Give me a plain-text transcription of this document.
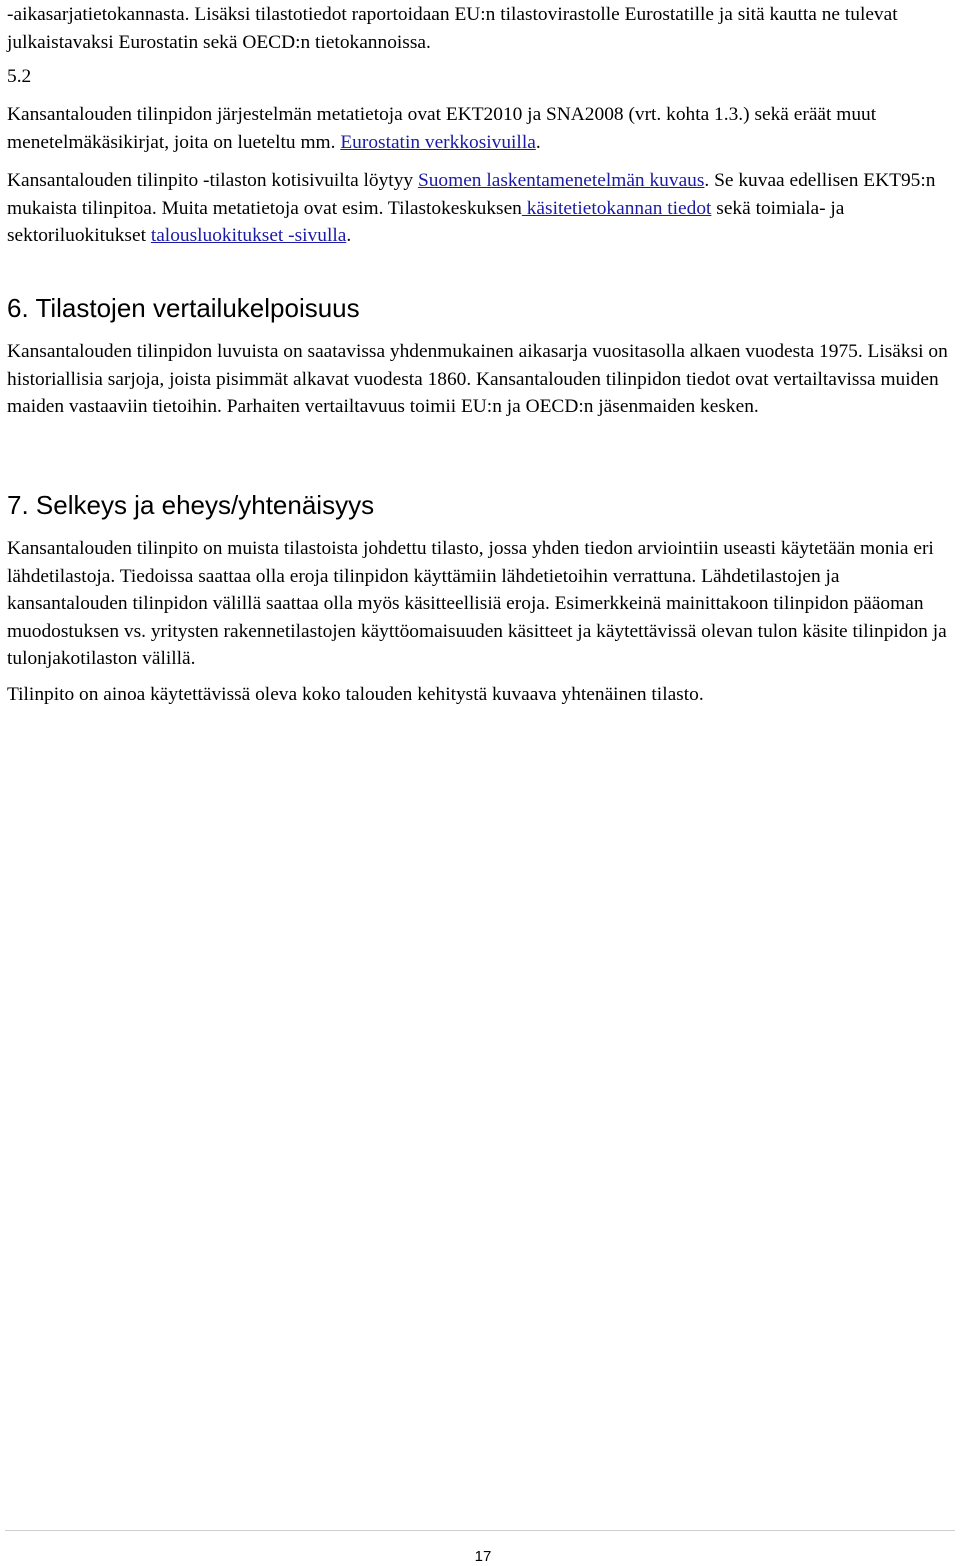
-aikasarjatietokannasta. Lisäksi tilastotiedot raportoidaan EU:n tilastovirastolle Eurostatille ja sitä kautta ne tulevat julkaistavaksi Eurostatin sekä OECD:n tietokannoissa.

5.2

Kansantalouden tilinpidon järjestelmän metatietoja ovat EKT2010 ja SNA2008 (vrt. kohta 1.3.) sekä eräät muut menetelmäkäsikirjat, joita on lueteltu mm. Eurostatin verkkosivuilla.

Kansantalouden tilinpito -tilaston kotisivuilta löytyy Suomen laskentamenetelmän kuvaus. Se kuvaa edellisen EKT95:n mukaista tilinpitoa. Muita metatietoja ovat esim. Tilastokeskuksen käsitetietokannan tiedot sekä toimiala- ja sektoriluokitukset talousluokitukset -sivulla.

6. Tilastojen vertailukelpoisuus

Kansantalouden tilinpidon luvuista on saatavissa yhdenmukainen aikasarja vuositasolla alkaen vuodesta 1975. Lisäksi on historiallisia sarjoja, joista pisimmät alkavat vuodesta 1860. Kansantalouden tilinpidon tiedot ovat vertailtavissa muiden maiden vastaaviin tietoihin. Parhaiten vertailtavuus toimii EU:n ja OECD:n jäsenmaiden kesken.

7. Selkeys ja eheys/yhtenäisyys

Kansantalouden tilinpito on muista tilastoista johdettu tilasto, jossa yhden tiedon arviointiin useasti käytetään monia eri lähdetilastoja. Tiedoissa saattaa olla eroja tilinpidon käyttämiin lähdetietoihin verrattuna. Lähdetilastojen ja kansantalouden tilinpidon välillä saattaa olla myös käsitteellisiä eroja. Esimerkkeinä mainittakoon tilinpidon pääoman muodostuksen vs. yritysten rakennetilastojen käyttöomaisuuden käsitteet ja käytettävissä olevan tulon käsite tilinpidon ja tulonjakotilaston välillä.

Tilinpito on ainoa käytettävissä oleva koko talouden kehitystä kuvaava yhtenäinen tilasto.

17
